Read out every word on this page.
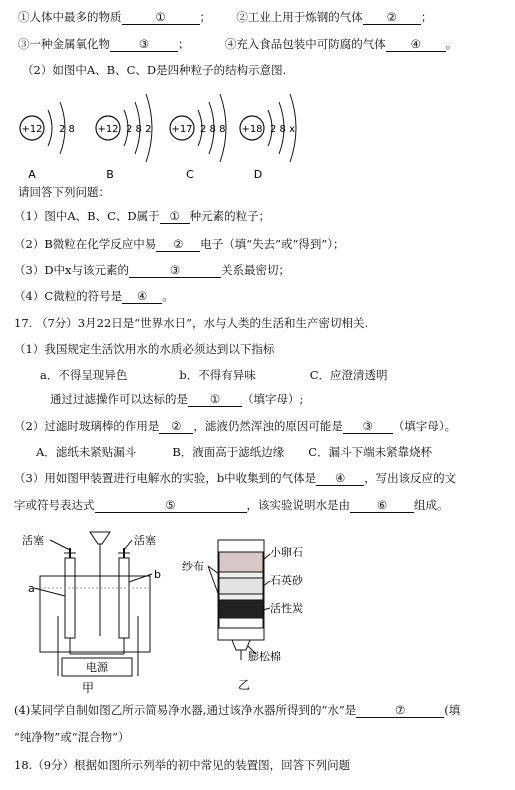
①人体中最多的物质	①	； ②工业上用于炼钢的气体 ② ；
③一种金属氧化物	③	；	④充入食品包装中可防腐的气体 ④ 。
（2）如图中A、B、C、D是四种粒子的结构示意图.
+12 2 8
A
+12 2 8 2
B
+17 2 8 8
C
+18 2 8 x
D
请回答下列问题：
（1）图中A、B、C、D属于 ① 种元素的粒子；
（2）B微粒在化学反应中易 ② 电子（填“失去”或“得到”）；
（3）D中x与该元素的	③	关系最密切；
（4）C微粒的符号是 ④ 。
17. （7分）3月22日是“世界水日”，水与人类的生活和生产密切相关.
（1）我国规定生活饮用水的水质必须达到以下指标
a．不得呈现异色	b．不得有异味	C．应澄清透明
通过过滤操作可以达标的是 ① （填字母）;
（2）过滤时玻璃棒的作用是 ② ，滤液仍然浑浊的原因可能是 ③ （填字母）。
A．滤纸未紧贴漏斗	B．液面高于滤纸边缘 C．漏斗下端未紧靠烧杯
（3）用如图甲装置进行电解水的实验，b中收集到的气体是 ④ ，写出该反应的文
字或符号表达式	⑤	，该实验说明水是由 ⑥ 组成。
电源
活塞	活塞
a
b
甲
纱布
小卵石
石英砂
活性炭
膨松棉
乙
(4)某同学自制如图乙所示简易净水器,通过该净水器所得到的“水”是	⑦	(填
“纯净物”或“混合物”）
18.（9分）根据如图所示列举的初中常见的装置图，回答下列问题
